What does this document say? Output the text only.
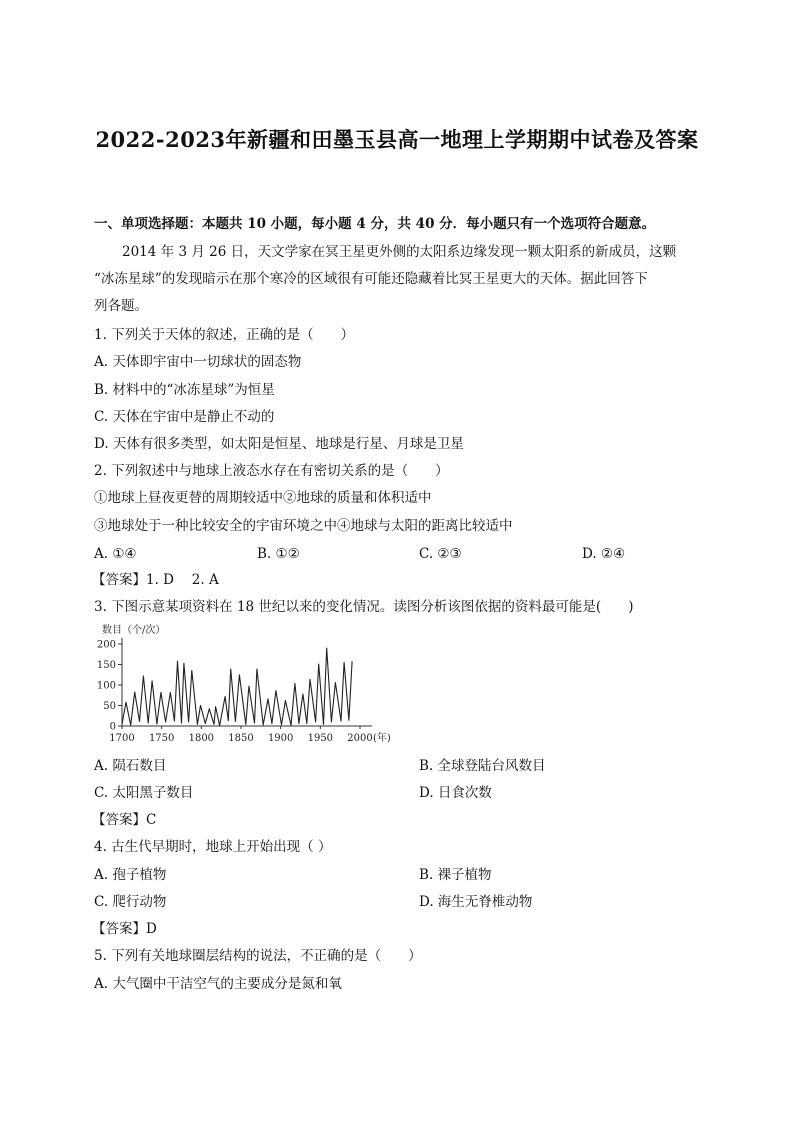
2022-2023年新疆和田墨玉县高一地理上学期期中试卷及答案
一、单项选择题：本题共 10 小题，每小题 4 分，共 40 分．每小题只有一个选项符合题意。
2014 年 3 月 26 日，天文学家在冥王星更外侧的太阳系边缘发现一颗太阳系的新成员，这颗
“冰冻星球”的发现暗示在那个寒冷的区域很有可能还隐藏着比冥王星更大的天体。据此回答下
列各题。
1. 下列关于天体的叙述，正确的是（　　）
A. 天体即宇宙中一切球状的固态物
B. 材料中的“冰冻星球”为恒星
C. 天体在宇宙中是静止不动的
D. 天体有很多类型，如太阳是恒星、地球是行星、月球是卫星
2. 下列叙述中与地球上液态水存在有密切关系的是（　　）
①地球上昼夜更替的周期较适中②地球的质量和体积适中
③地球处于一种比较安全的宇宙环境之中④地球与太阳的距离比较适中
A. ①④	B. ①②	C. ②③	D. ②④
【答案】1. D　 2. A
3. 下图示意某项资料在 18 世纪以来的变化情况。读图分析该图依据的资料最可能是(　　)
数目（个/次）
0
50
100
150
200
1700 1750 1800 1850 1900 1950 2000 (年)
A. 陨石数目	B. 全球登陆台风数目
C. 太阳黑子数目	D. 日食次数
【答案】C
4. 古生代早期时，地球上开始出现（ ）
A. 孢子植物	B. 裸子植物
C. 爬行动物	D. 海生无脊椎动物
【答案】D
5. 下列有关地球圈层结构的说法，不正确的是（　　）
A. 大气圈中干洁空气的主要成分是氮和氧
